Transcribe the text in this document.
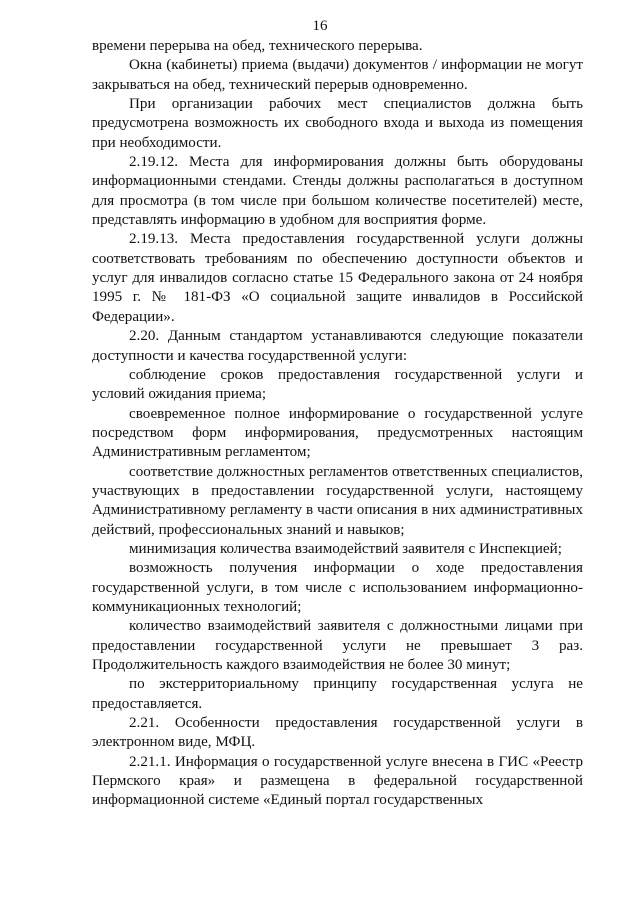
16

времени перерыва на обед, технического перерыва.

Окна (кабинеты) приема (выдачи) документов / информации не могут закрываться на обед, технический перерыв одновременно.

При организации рабочих мест специалистов должна быть предусмотрена возможность их свободного входа и выхода из помещения при необходимости.

2.19.12. Места для информирования должны быть оборудованы информационными стендами. Стенды должны располагаться в доступном для просмотра (в том числе при большом количестве посетителей) месте, представлять информацию в удобном для восприятия форме.

2.19.13. Места предоставления государственной услуги должны соответствовать требованиям по обеспечению доступности объектов и услуг для инвалидов согласно статье 15 Федерального закона от 24 ноября 1995 г. № 181-ФЗ «О социальной защите инвалидов в Российской Федерации».

2.20. Данным стандартом устанавливаются следующие показатели доступности и качества государственной услуги:

соблюдение сроков предоставления государственной услуги и условий ожидания приема;

своевременное полное информирование о государственной услуге посредством форм информирования, предусмотренных настоящим Административным регламентом;

соответствие должностных регламентов ответственных специалистов, участвующих в предоставлении государственной услуги, настоящему Административному регламенту в части описания в них административных действий, профессиональных знаний и навыков;

минимизация количества взаимодействий заявителя с Инспекцией;

возможность получения информации о ходе предоставления государственной услуги, в том числе с использованием информационно-коммуникационных технологий;

количество взаимодействий заявителя с должностными лицами при предоставлении государственной услуги не превышает 3 раз. Продолжительность каждого взаимодействия не более 30 минут;

по экстерриториальному принципу государственная услуга не предоставляется.

2.21. Особенности предоставления государственной услуги в электронном виде, МФЦ.

2.21.1. Информация о государственной услуге внесена в ГИС «Реестр Пермского края» и размещена в федеральной государственной информационной системе «Единый портал государственных
